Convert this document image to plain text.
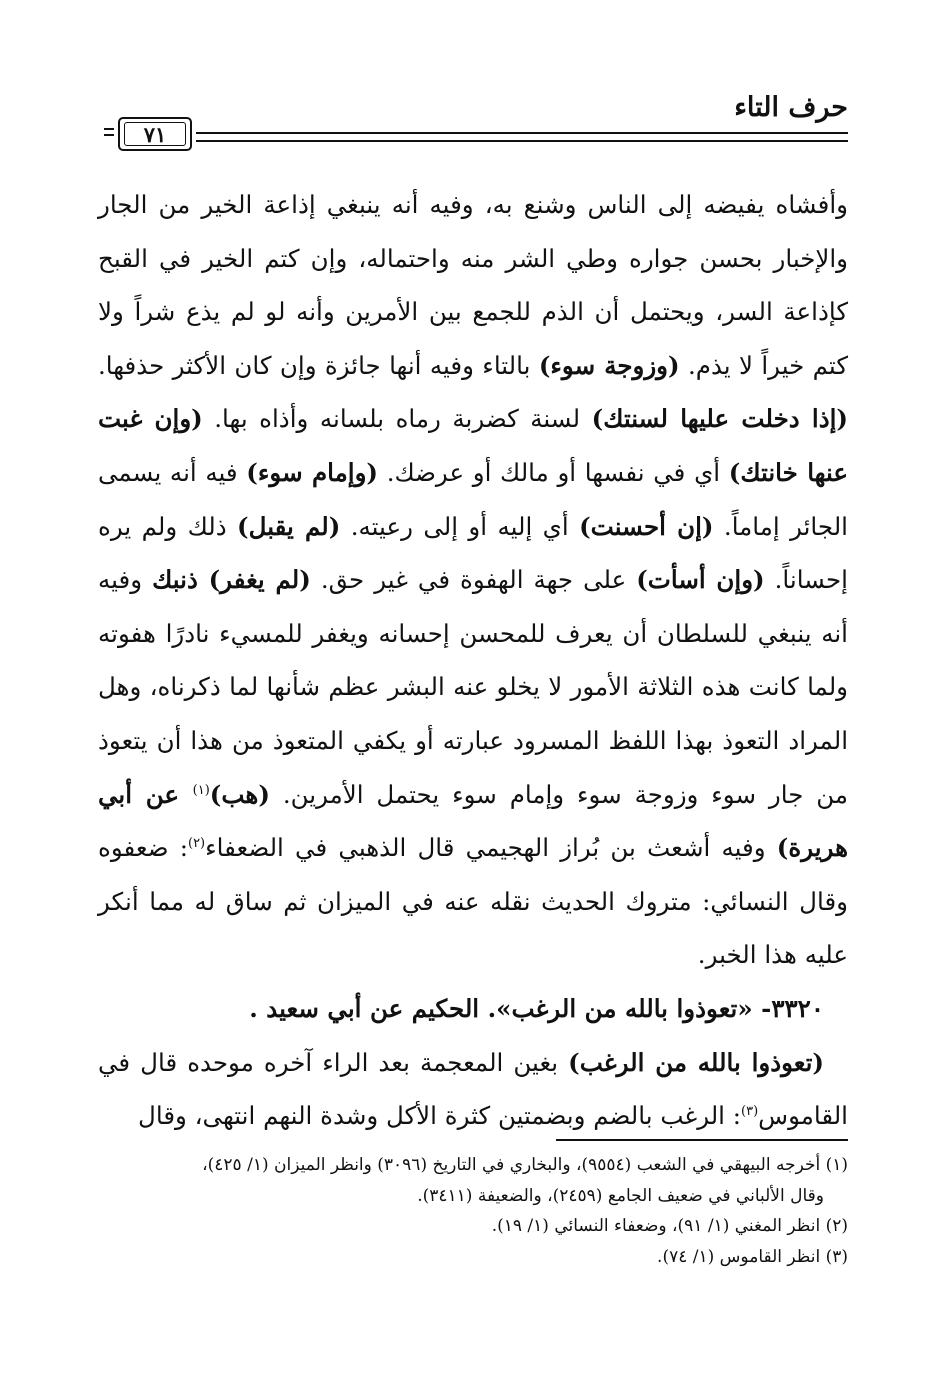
حرف التاء
٧١

وأفشاه يفيضه إلى الناس وشنع به، وفيه أنه ينبغي إذاعة الخير من الجار والإخبار بحسن جواره وطي الشر منه واحتماله، وإن كتم الخير في القبح كإذاعة السر، ويحتمل أن الذم للجمع بين الأمرين وأنه لو لم يذع شراً ولا كتم خيراً لا يذم. (وزوجة سوء) بالتاء وفيه أنها جائزة وإن كان الأكثر حذفها. (إذا دخلت عليها لسنتك) لسنة كضربة رماه بلسانه وأذاه بها. (وإن غبت عنها خانتك) أي في نفسها أو مالك أو عرضك. (وإمام سوء) فيه أنه يسمى الجائر إماماً. (إن أحسنت) أي إليه أو إلى رعيته. (لم يقبل) ذلك ولم يره إحساناً. (وإن أسأت) على جهة الهفوة في غير حق. (لم يغفر) ذنبك وفيه أنه ينبغي للسلطان أن يعرف للمحسن إحسانه ويغفر للمسيء نادرًا هفوته ولما كانت هذه الثلاثة الأمور لا يخلو عنه البشر عظم شأنها لما ذكرناه، وهل المراد التعوذ بهذا اللفظ المسرود عبارته أو يكفي المتعوذ من هذا أن يتعوذ من جار سوء وزوجة سوء وإمام سوء يحتمل الأمرين. (هب)$^{(١)}$ عن أبي هريرة) وفيه أشعث بن بُراز الهجيمي قال الذهبي في الضعفاء$^{(٢)}$: ضعفوه وقال النسائي: متروك الحديث نقله عنه في الميزان ثم ساق له مما أنكر عليه هذا الخبر.

٣٣٢٠- «تعوذوا بالله من الرغب». الحكيم عن أبي سعيد .

(تعوذوا بالله من الرغب) بغين المعجمة بعد الراء آخره موحده قال في القاموس$^{(٣)}$: الرغب بالضم وبضمتين كثرة الأكل وشدة النهم انتهى، وقال

(١) أخرجه البيهقي في الشعب (٩٥٥٤)، والبخاري في التاريخ (٣٠٩٦) وانظر الميزان (١/ ٤٢٥)،

وقال الألباني في ضعيف الجامع (٢٤٥٩)، والضعيفة (٣٤١١).

(٢) انظر المغني (١/ ٩١)، وضعفاء النسائي (١/ ١٩).

(٣) انظر القاموس (١/ ٧٤).
